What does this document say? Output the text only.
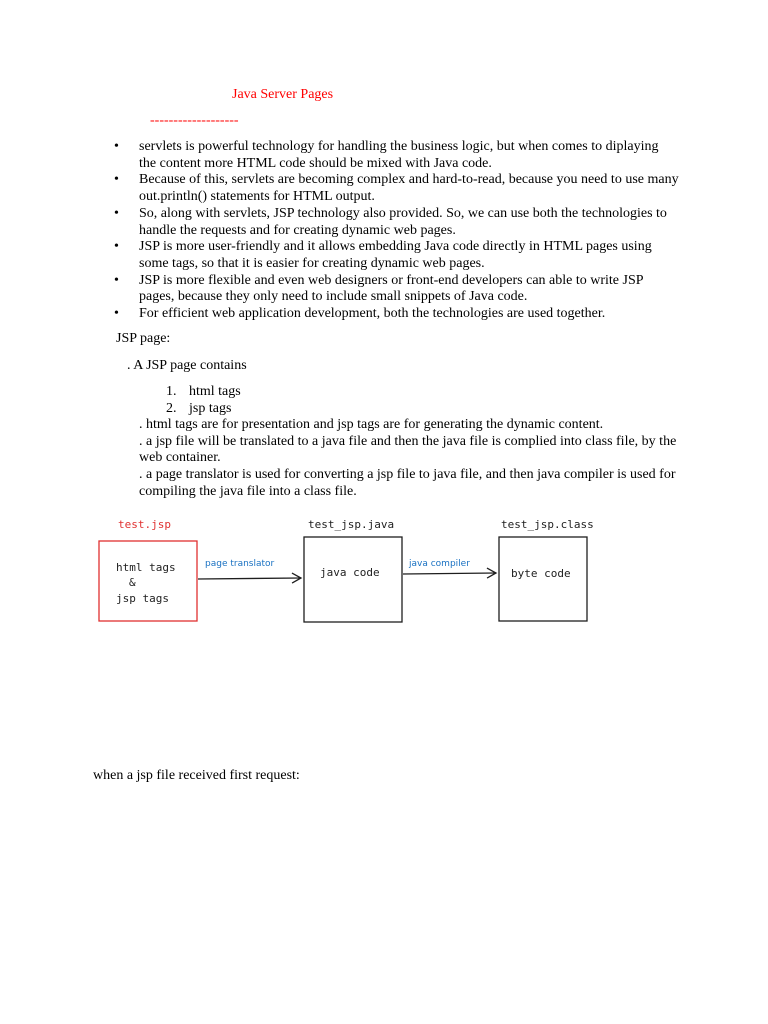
Java Server Pages
-------------------
• servlets is powerful technology for handling the business logic, but when comes to diplaying the content more HTML code should be mixed with Java code.
• Because of this, servlets are becoming complex and hard-to-read, because you need to use many out.println() statements for HTML output.
• So, along with servlets, JSP technology also provided. So, we can use both the technologies to handle the requests and for creating dynamic web pages.
• JSP is more user-friendly and it allows embedding Java code directly in HTML pages using some tags, so that it is easier for creating dynamic web pages.
• JSP is more flexible and even web designers or front-end developers can able to write JSP pages, because they only need to include small snippets of Java code.
• For efficient web application development, both the technologies are used together.
JSP page:
. A JSP page contains
1. html tags
2. jsp tags

. html tags are for presentation and jsp tags are for generating the dynamic content.

. a jsp file will be translated to a java file and then the java file is complied into class file, by the web container.

. a page translator is used for converting a jsp file to java file, and then java compiler is used for compiling the java file into a class file.

test.jsp
html tags
&
jsp tags
page translator
test_jsp.java
java code
java compiler
test_jsp.class
byte code
when a jsp file received first request:
